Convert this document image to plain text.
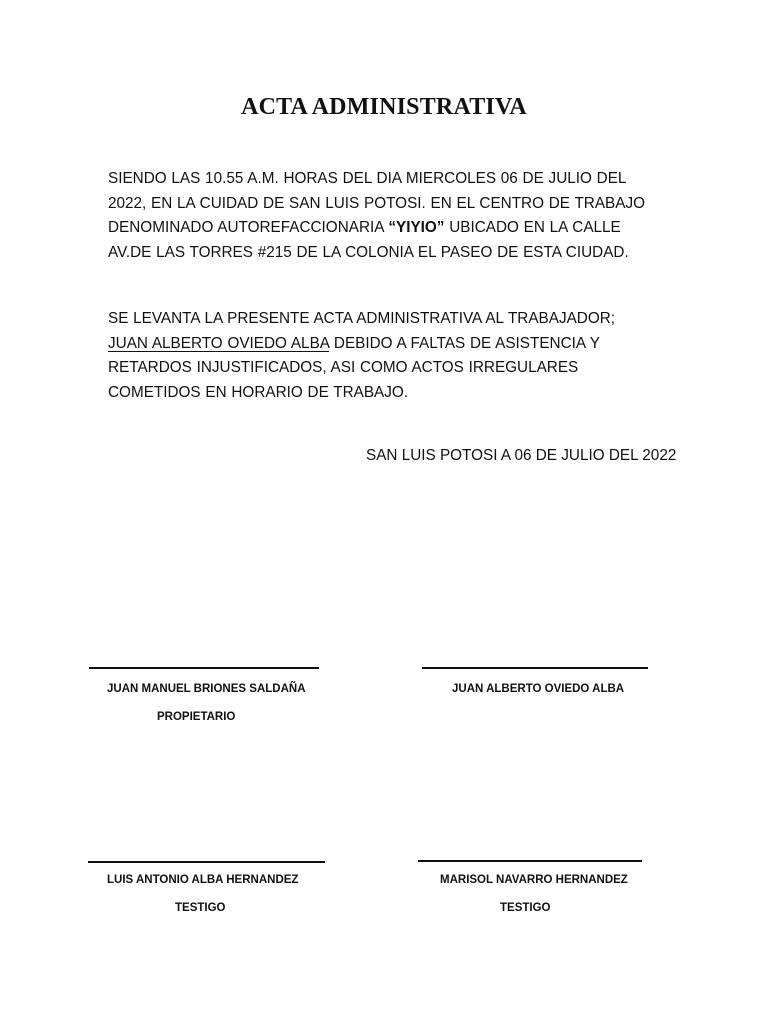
ACTA ADMINISTRATIVA

SIENDO LAS 10.55 A.M. HORAS DEL DIA MIERCOLES 06 DE JULIO DEL 2022, EN LA CUIDAD DE SAN LUIS POTOSI. EN EL CENTRO DE TRABAJO DENOMINADO AUTOREFACCIONARIA “YIYIO” UBICADO EN LA CALLE AV.DE LAS TORRES #215 DE LA COLONIA EL PASEO DE ESTA CIUDAD.

SE LEVANTA LA PRESENTE ACTA ADMINISTRATIVA AL TRABAJADOR; JUAN ALBERTO OVIEDO ALBA DEBIDO A FALTAS DE ASISTENCIA Y RETARDOS INJUSTIFICADOS, ASI COMO ACTOS IRREGULARES COMETIDOS EN HORARIO DE TRABAJO.

SAN LUIS POTOSI A 06 DE JULIO DEL 2022

JUAN MANUEL BRIONES SALDAÑA

PROPIETARIO

JUAN ALBERTO OVIEDO ALBA

LUIS ANTONIO ALBA HERNANDEZ

TESTIGO

MARISOL NAVARRO HERNANDEZ

TESTIGO
